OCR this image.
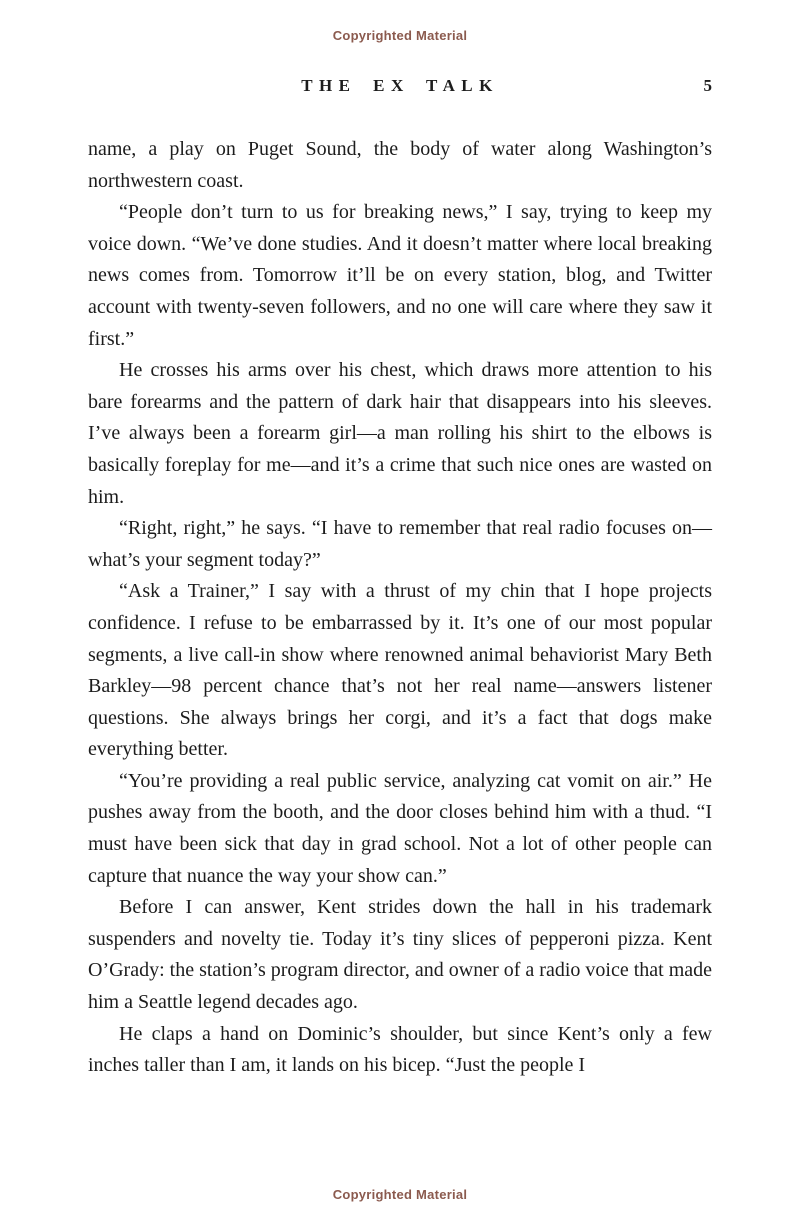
Copyrighted Material
THE EX TALK	5

name, a play on Puget Sound, the body of water along Washington’s northwestern coast.

“People don’t turn to us for breaking news,” I say, trying to keep my voice down. “We’ve done studies. And it doesn’t matter where local breaking news comes from. Tomorrow it’ll be on every station, blog, and Twitter account with twenty-seven followers, and no one will care where they saw it first.”

He crosses his arms over his chest, which draws more attention to his bare forearms and the pattern of dark hair that disappears into his sleeves. I’ve always been a forearm girl—a man rolling his shirt to the elbows is basically foreplay for me—and it’s a crime that such nice ones are wasted on him.

“Right, right,” he says. “I have to remember that real radio focuses on—what’s your segment today?”

“Ask a Trainer,” I say with a thrust of my chin that I hope projects confidence. I refuse to be embarrassed by it. It’s one of our most popular segments, a live call-in show where renowned animal behaviorist Mary Beth Barkley—98 percent chance that’s not her real name—answers listener questions. She always brings her corgi, and it’s a fact that dogs make everything better.

“You’re providing a real public service, analyzing cat vomit on air.” He pushes away from the booth, and the door closes behind him with a thud. “I must have been sick that day in grad school. Not a lot of other people can capture that nuance the way your show can.”

Before I can answer, Kent strides down the hall in his trademark suspenders and novelty tie. Today it’s tiny slices of pepperoni pizza. Kent O’Grady: the station’s program director, and owner of a radio voice that made him a Seattle legend decades ago.

He claps a hand on Dominic’s shoulder, but since Kent’s only a few inches taller than I am, it lands on his bicep. “Just the people I

Copyrighted Material
